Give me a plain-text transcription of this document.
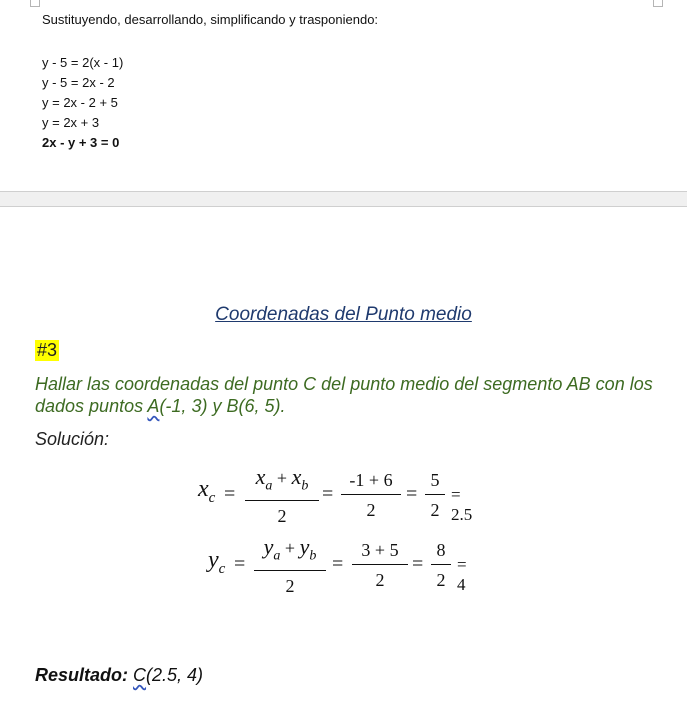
Sustituyendo, desarrollando, simplificando y trasponiendo:
y - 5 = 2(x - 1)
y - 5 = 2x - 2
y = 2x - 2 + 5
y = 2x + 3
2x - y + 3 = 0
Coordenadas del Punto medio
#3
Hallar las coordenadas del punto C del punto medio del segmento AB con los dados puntos A(-1, 3) y B(6, 5).
Solución:
$x_c$ =
$x_a + x_b$
2
=
-1 + 6
2
=
5
2
= 2.5
$y_c$ =
$y_a + y_b$
2
=
3 + 5
2
=
8
2
= 4
Resultado: C(2.5, 4)
